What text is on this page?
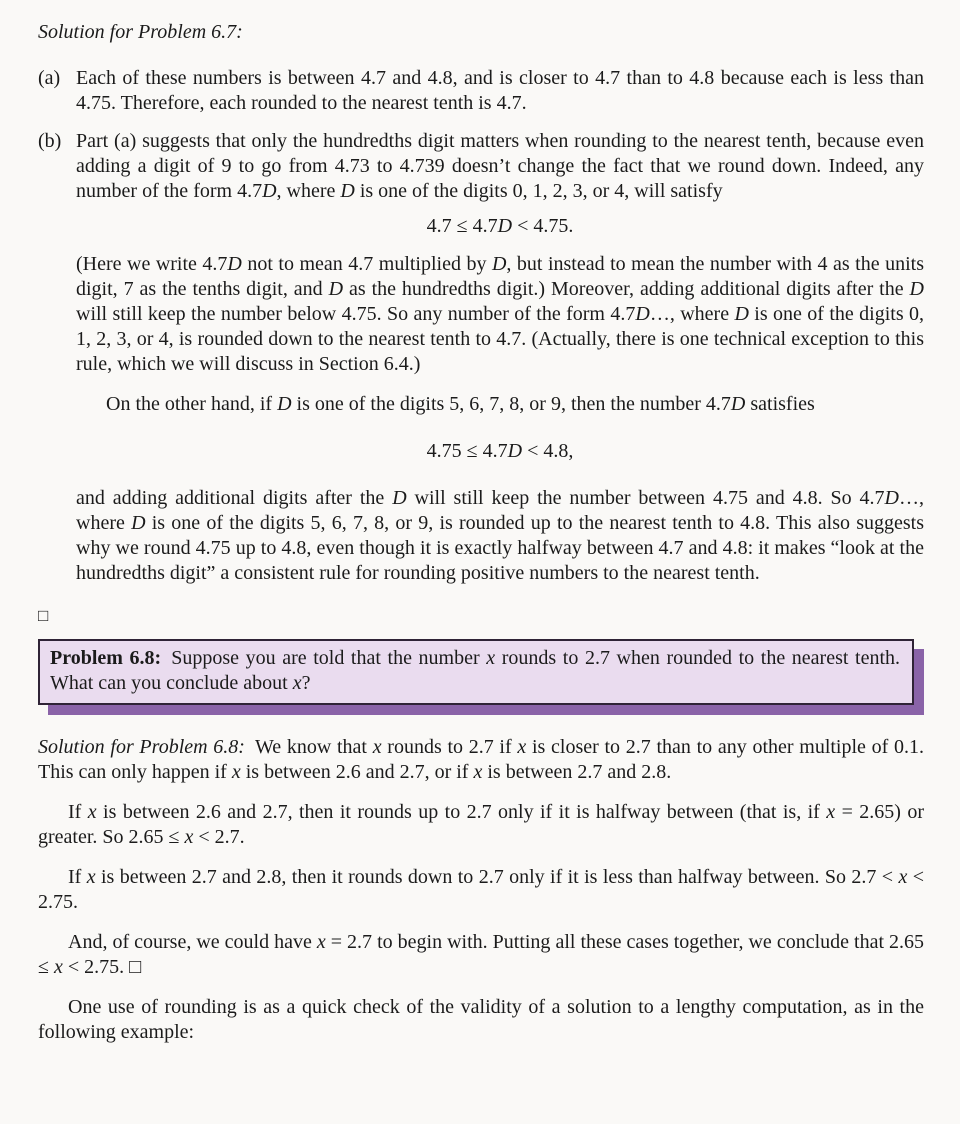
Solution for Problem 6.7:
(a) Each of these numbers is between 4.7 and 4.8, and is closer to 4.7 than to 4.8 because each is less than 4.75. Therefore, each rounded to the nearest tenth is 4.7.
(b) Part (a) suggests that only the hundredths digit matters when rounding to the nearest tenth, because even adding a digit of 9 to go from 4.73 to 4.739 doesn’t change the fact that we round down. Indeed, any number of the form 4.7D, where D is one of the digits 0, 1, 2, 3, or 4, will satisfy
4.7 ≤ 4.7D < 4.75.
(Here we write 4.7D not to mean 4.7 multiplied by D, but instead to mean the number with 4 as the units digit, 7 as the tenths digit, and D as the hundredths digit.) Moreover, adding additional digits after the D will still keep the number below 4.75. So any number of the form 4.7D…, where D is one of the digits 0, 1, 2, 3, or 4, is rounded down to the nearest tenth to 4.7. (Actually, there is one technical exception to this rule, which we will discuss in Section 6.4.)
On the other hand, if D is one of the digits 5, 6, 7, 8, or 9, then the number 4.7D satisfies
4.75 ≤ 4.7D < 4.8,
and adding additional digits after the D will still keep the number between 4.75 and 4.8. So 4.7D…, where D is one of the digits 5, 6, 7, 8, or 9, is rounded up to the nearest tenth to 4.8. This also suggests why we round 4.75 up to 4.8, even though it is exactly halfway between 4.7 and 4.8: it makes “look at the hundredths digit” a consistent rule for rounding positive numbers to the nearest tenth.
□
Problem 6.8: Suppose you are told that the number x rounds to 2.7 when rounded to the nearest tenth. What can you conclude about x?
Solution for Problem 6.8: We know that x rounds to 2.7 if x is closer to 2.7 than to any other multiple of 0.1. This can only happen if x is between 2.6 and 2.7, or if x is between 2.7 and 2.8.
If x is between 2.6 and 2.7, then it rounds up to 2.7 only if it is halfway between (that is, if x = 2.65) or greater. So 2.65 ≤ x < 2.7.
If x is between 2.7 and 2.8, then it rounds down to 2.7 only if it is less than halfway between. So 2.7 < x < 2.75.
And, of course, we could have x = 2.7 to begin with. Putting all these cases together, we conclude that 2.65 ≤ x < 2.75. □
One use of rounding is as a quick check of the validity of a solution to a lengthy computation, as in the following example:
